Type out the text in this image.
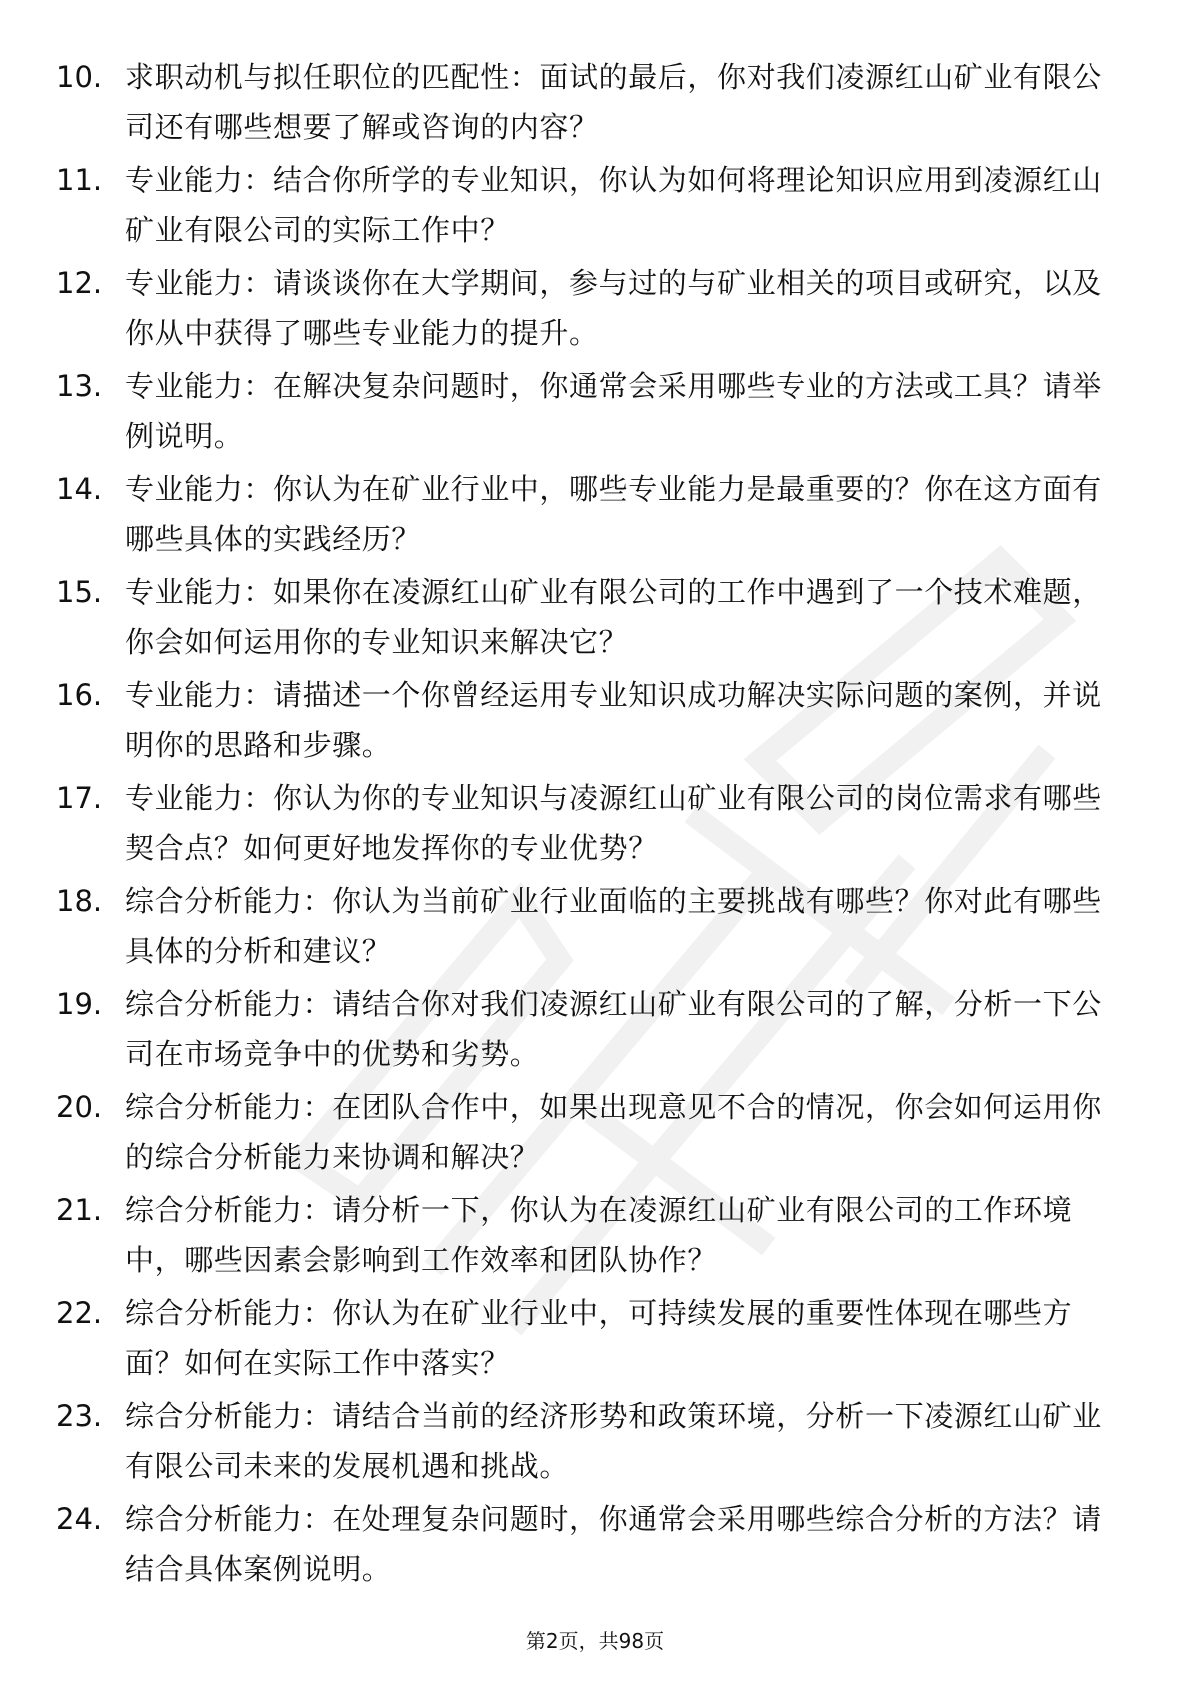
10. 求职动机与拟任职位的匹配性：面试的最后，你对我们凌源红山矿业有限公司还有哪些想要了解或咨询的内容？
11. 专业能力：结合你所学的专业知识，你认为如何将理论知识应用到凌源红山矿业有限公司的实际工作中？
12. 专业能力：请谈谈你在大学期间，参与过的与矿业相关的项目或研究，以及你从中获得了哪些专业能力的提升。
13. 专业能力：在解决复杂问题时，你通常会采用哪些专业的方法或工具？请举例说明。
14. 专业能力：你认为在矿业行业中，哪些专业能力是最重要的？你在这方面有哪些具体的实践经历？
15. 专业能力：如果你在凌源红山矿业有限公司的工作中遇到了一个技术难题，你会如何运用你的专业知识来解决它？
16. 专业能力：请描述一个你曾经运用专业知识成功解决实际问题的案例，并说明你的思路和步骤。
17. 专业能力：你认为你的专业知识与凌源红山矿业有限公司的岗位需求有哪些契合点？如何更好地发挥你的专业优势？
18. 综合分析能力：你认为当前矿业行业面临的主要挑战有哪些？你对此有哪些具体的分析和建议？
19. 综合分析能力：请结合你对我们凌源红山矿业有限公司的了解，分析一下公司在市场竞争中的优势和劣势。
20. 综合分析能力：在团队合作中，如果出现意见不合的情况，你会如何运用你的综合分析能力来协调和解决？
21. 综合分析能力：请分析一下，你认为在凌源红山矿业有限公司的工作环境中，哪些因素会影响到工作效率和团队协作？
22. 综合分析能力：你认为在矿业行业中，可持续发展的重要性体现在哪些方面？如何在实际工作中落实？
23. 综合分析能力：请结合当前的经济形势和政策环境，分析一下凌源红山矿业有限公司未来的发展机遇和挑战。
24. 综合分析能力：在处理复杂问题时，你通常会采用哪些综合分析的方法？请结合具体案例说明。
第2页，共98页
